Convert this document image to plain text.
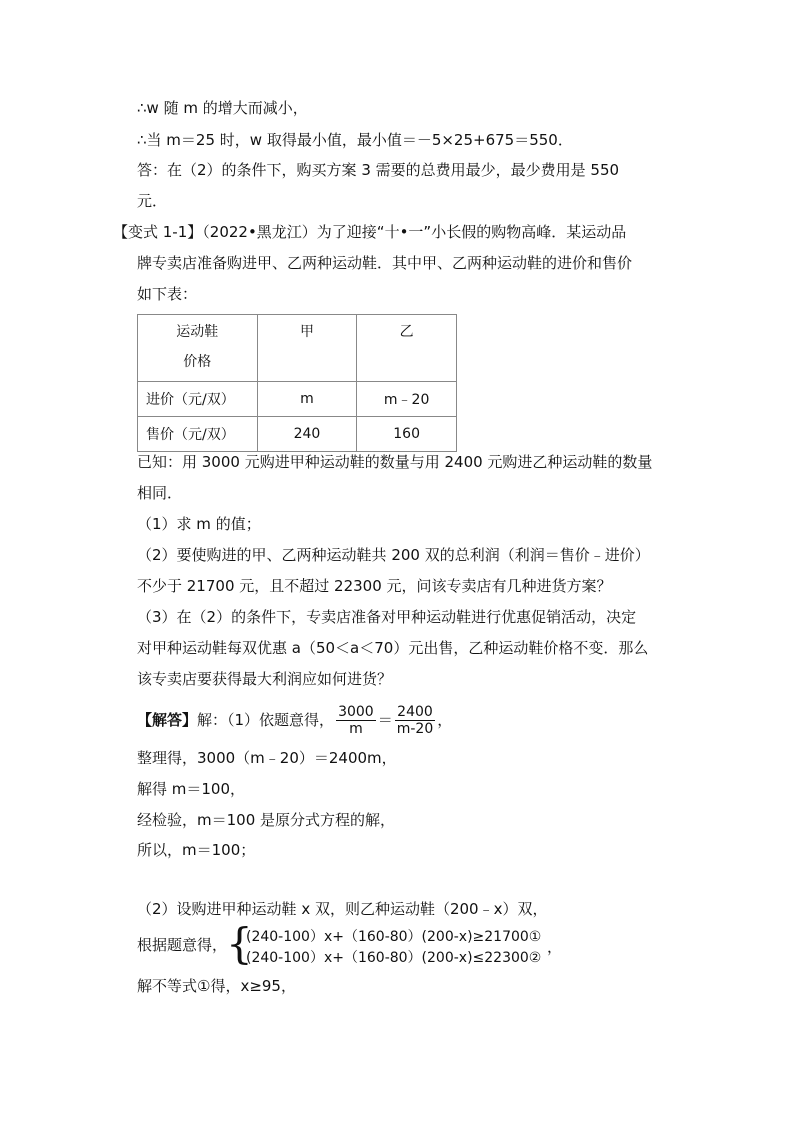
∴w 随 m 的增大而减小，
∴当 m＝25 时，w 取得最小值，最小值＝－5×25+675＝550．
答：在（2）的条件下，购买方案 3 需要的总费用最少，最少费用是 550
元．
【变式 1-1】（2022•黑龙江）为了迎接“十•一”小长假的购物高峰．某运动品
牌专卖店准备购进甲、乙两种运动鞋．其中甲、乙两种运动鞋的进价和售价
如下表：
运动鞋
价格	甲	乙
进价（元/双）	m	m﹣20
售价（元/双）	240	160
已知：用 3000 元购进甲种运动鞋的数量与用 2400 元购进乙种运动鞋的数量
相同．
（1）求 m 的值；
（2）要使购进的甲、乙两种运动鞋共 200 双的总利润（利润＝售价﹣进价）
不少于 21700 元，且不超过 22300 元，问该专卖店有几种进货方案？
（3）在（2）的条件下，专卖店准备对甲种运动鞋进行优惠促销活动，决定
对甲种运动鞋每双优惠 a（50＜a＜70）元出售，乙种运动鞋价格不变．那么
该专卖店要获得最大利润应如何进货？
【解答】解：（1）依题意得， $\frac{3000}{m} = \frac{2400}{m-20}$ ，
整理得，3000（m﹣20）＝2400m，
解得 m＝100，
经检验，m＝100 是原分式方程的解，
所以，m＝100；
（2）设购进甲种运动鞋 x 双，则乙种运动鞋（200﹣x）双，
根据题意得，
{
(240-100）x+（160-80）(200-x)≥21700①
(240-100）x+（160-80）(200-x)≤22300②
，
解不等式①得，x≥95，
